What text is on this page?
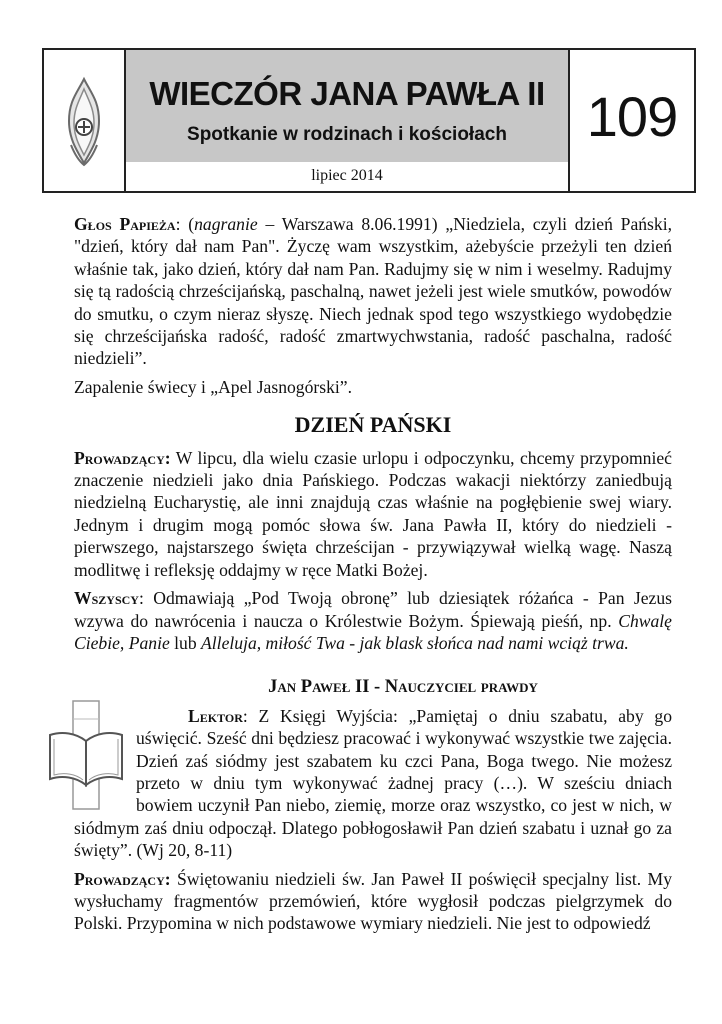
WIECZÓR JANA PAWŁA II
Spotkanie w rodzinach i kościołach
lipiec 2014
109

Głos Papieża: (nagranie – Warszawa 8.06.1991) „Niedziela, czyli dzień Pański, "dzień, który dał nam Pan". Życzę wam wszystkim, ażebyście przeżyli ten dzień właśnie tak, jako dzień, który dał nam Pan. Radujmy się w nim i weselmy. Radujmy się tą radością chrześcijańską, paschalną, nawet jeżeli jest wiele smutków, powodów do smutku, o czym nieraz słyszę. Niech jednak spod tego wszystkiego wydobędzie się chrześcijańska radość, radość zmartwychwstania, radość paschalna, radość niedzieli”.

Zapalenie świecy i „Apel Jasnogórski”.

DZIEŃ PAŃSKI

Prowadzący: W lipcu, dla wielu czasie urlopu i odpoczynku, chcemy przypomnieć znaczenie niedzieli jako dnia Pańskiego. Podczas wakacji niektórzy zaniedbują niedzielną Eucharystię, ale inni znajdują czas właśnie na pogłębienie swej wiary. Jednym i drugim mogą pomóc słowa św. Jana Pawła II, który do niedzieli - pierwszego, najstarszego święta chrześcijan - przywiązywał wielką wagę. Naszą modlitwę i refleksję oddajmy w ręce Matki Bożej.

Wszyscy: Odmawiają „Pod Twoją obronę” lub dziesiątek różańca - Pan Jezus wzywa do nawrócenia i naucza o Królestwie Bożym. Śpiewają pieśń, np. Chwalę Ciebie, Panie lub Alleluja, miłość Twa - jak blask słońca nad nami wciąż trwa.

Jan Paweł II - Nauczyciel prawdy

Lektor: Z Księgi Wyjścia: „Pamiętaj o dniu szabatu, aby go uświęcić. Sześć dni będziesz pracować i wykonywać wszystkie twe zajęcia. Dzień zaś siódmy jest szabatem ku czci Pana, Boga twego. Nie możesz przeto w dniu tym wykonywać żadnej pracy (…). W sześciu dniach bowiem uczynił Pan niebo, ziemię, morze oraz wszystko, co jest w nich, w siódmym zaś dniu odpoczął. Dlatego pobłogosławił Pan dzień szabatu i uznał go za święty”. (Wj 20, 8-11)

Prowadzący: Świętowaniu niedzieli św. Jan Paweł II poświęcił specjalny list. My wysłuchamy fragmentów przemówień, które wygłosił podczas pielgrzymek do Polski. Przypomina w nich podstawowe wymiary niedzieli. Nie jest to odpowiedź
